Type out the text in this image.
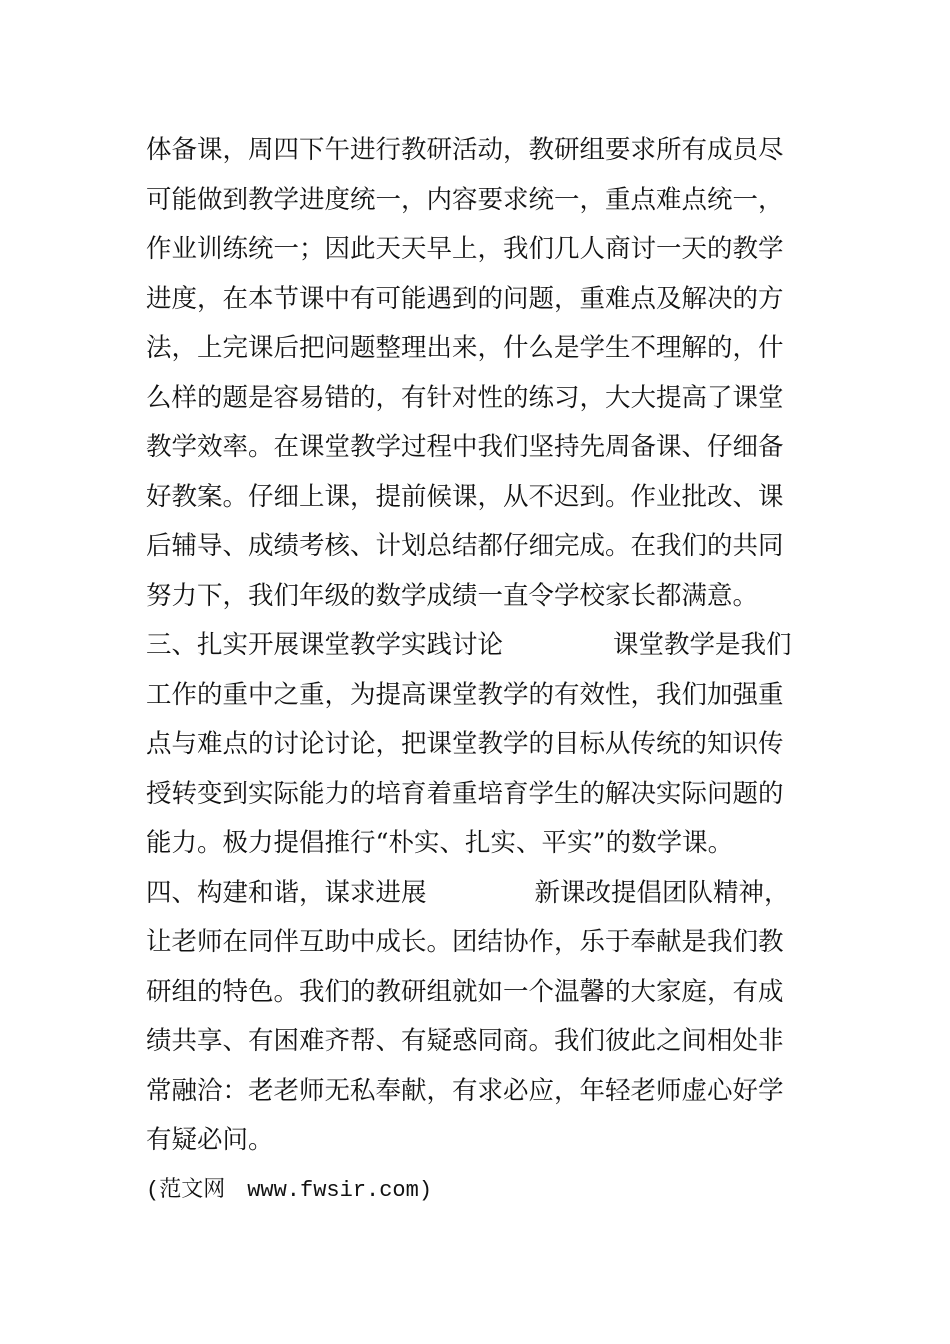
体备课，周四下午进行教研活动，教研组要求所有成员尽
可能做到教学进度统一，内容要求统一，重点难点统一，
作业训练统一；因此天天早上，我们几人商讨一天的教学
进度，在本节课中有可能遇到的问题，重难点及解决的方
法，上完课后把问题整理出来，什么是学生不理解的，什
么样的题是容易错的，有针对性的练习，大大提高了课堂
教学效率。在课堂教学过程中我们坚持先周备课、仔细备
好教案。仔细上课，提前候课，从不迟到。作业批改、课
后辅导、成绩考核、计划总结都仔细完成。在我们的共同
努力下，我们年级的数学成绩一直令学校家长都满意。
三、扎实开展课堂教学实践讨论	课堂教学是我们
工作的重中之重，为提高课堂教学的有效性，我们加强重
点与难点的讨论讨论，把课堂教学的目标从传统的知识传
授转变到实际能力的培育着重培育学生的解决实际问题的
能力。极力提倡推行“朴实、扎实、平实”的数学课。
四、构建和谐，谋求进展	新课改提倡团队精神，
让老师在同伴互助中成长。团结协作，乐于奉献是我们教
研组的特色。我们的教研组就如一个温馨的大家庭，有成
绩共享、有困难齐帮、有疑惑同商。我们彼此之间相处非
常融洽：老老师无私奉献，有求必应，年轻老师虚心好学
有疑必问。
(范文网　www.fwsir.com)
